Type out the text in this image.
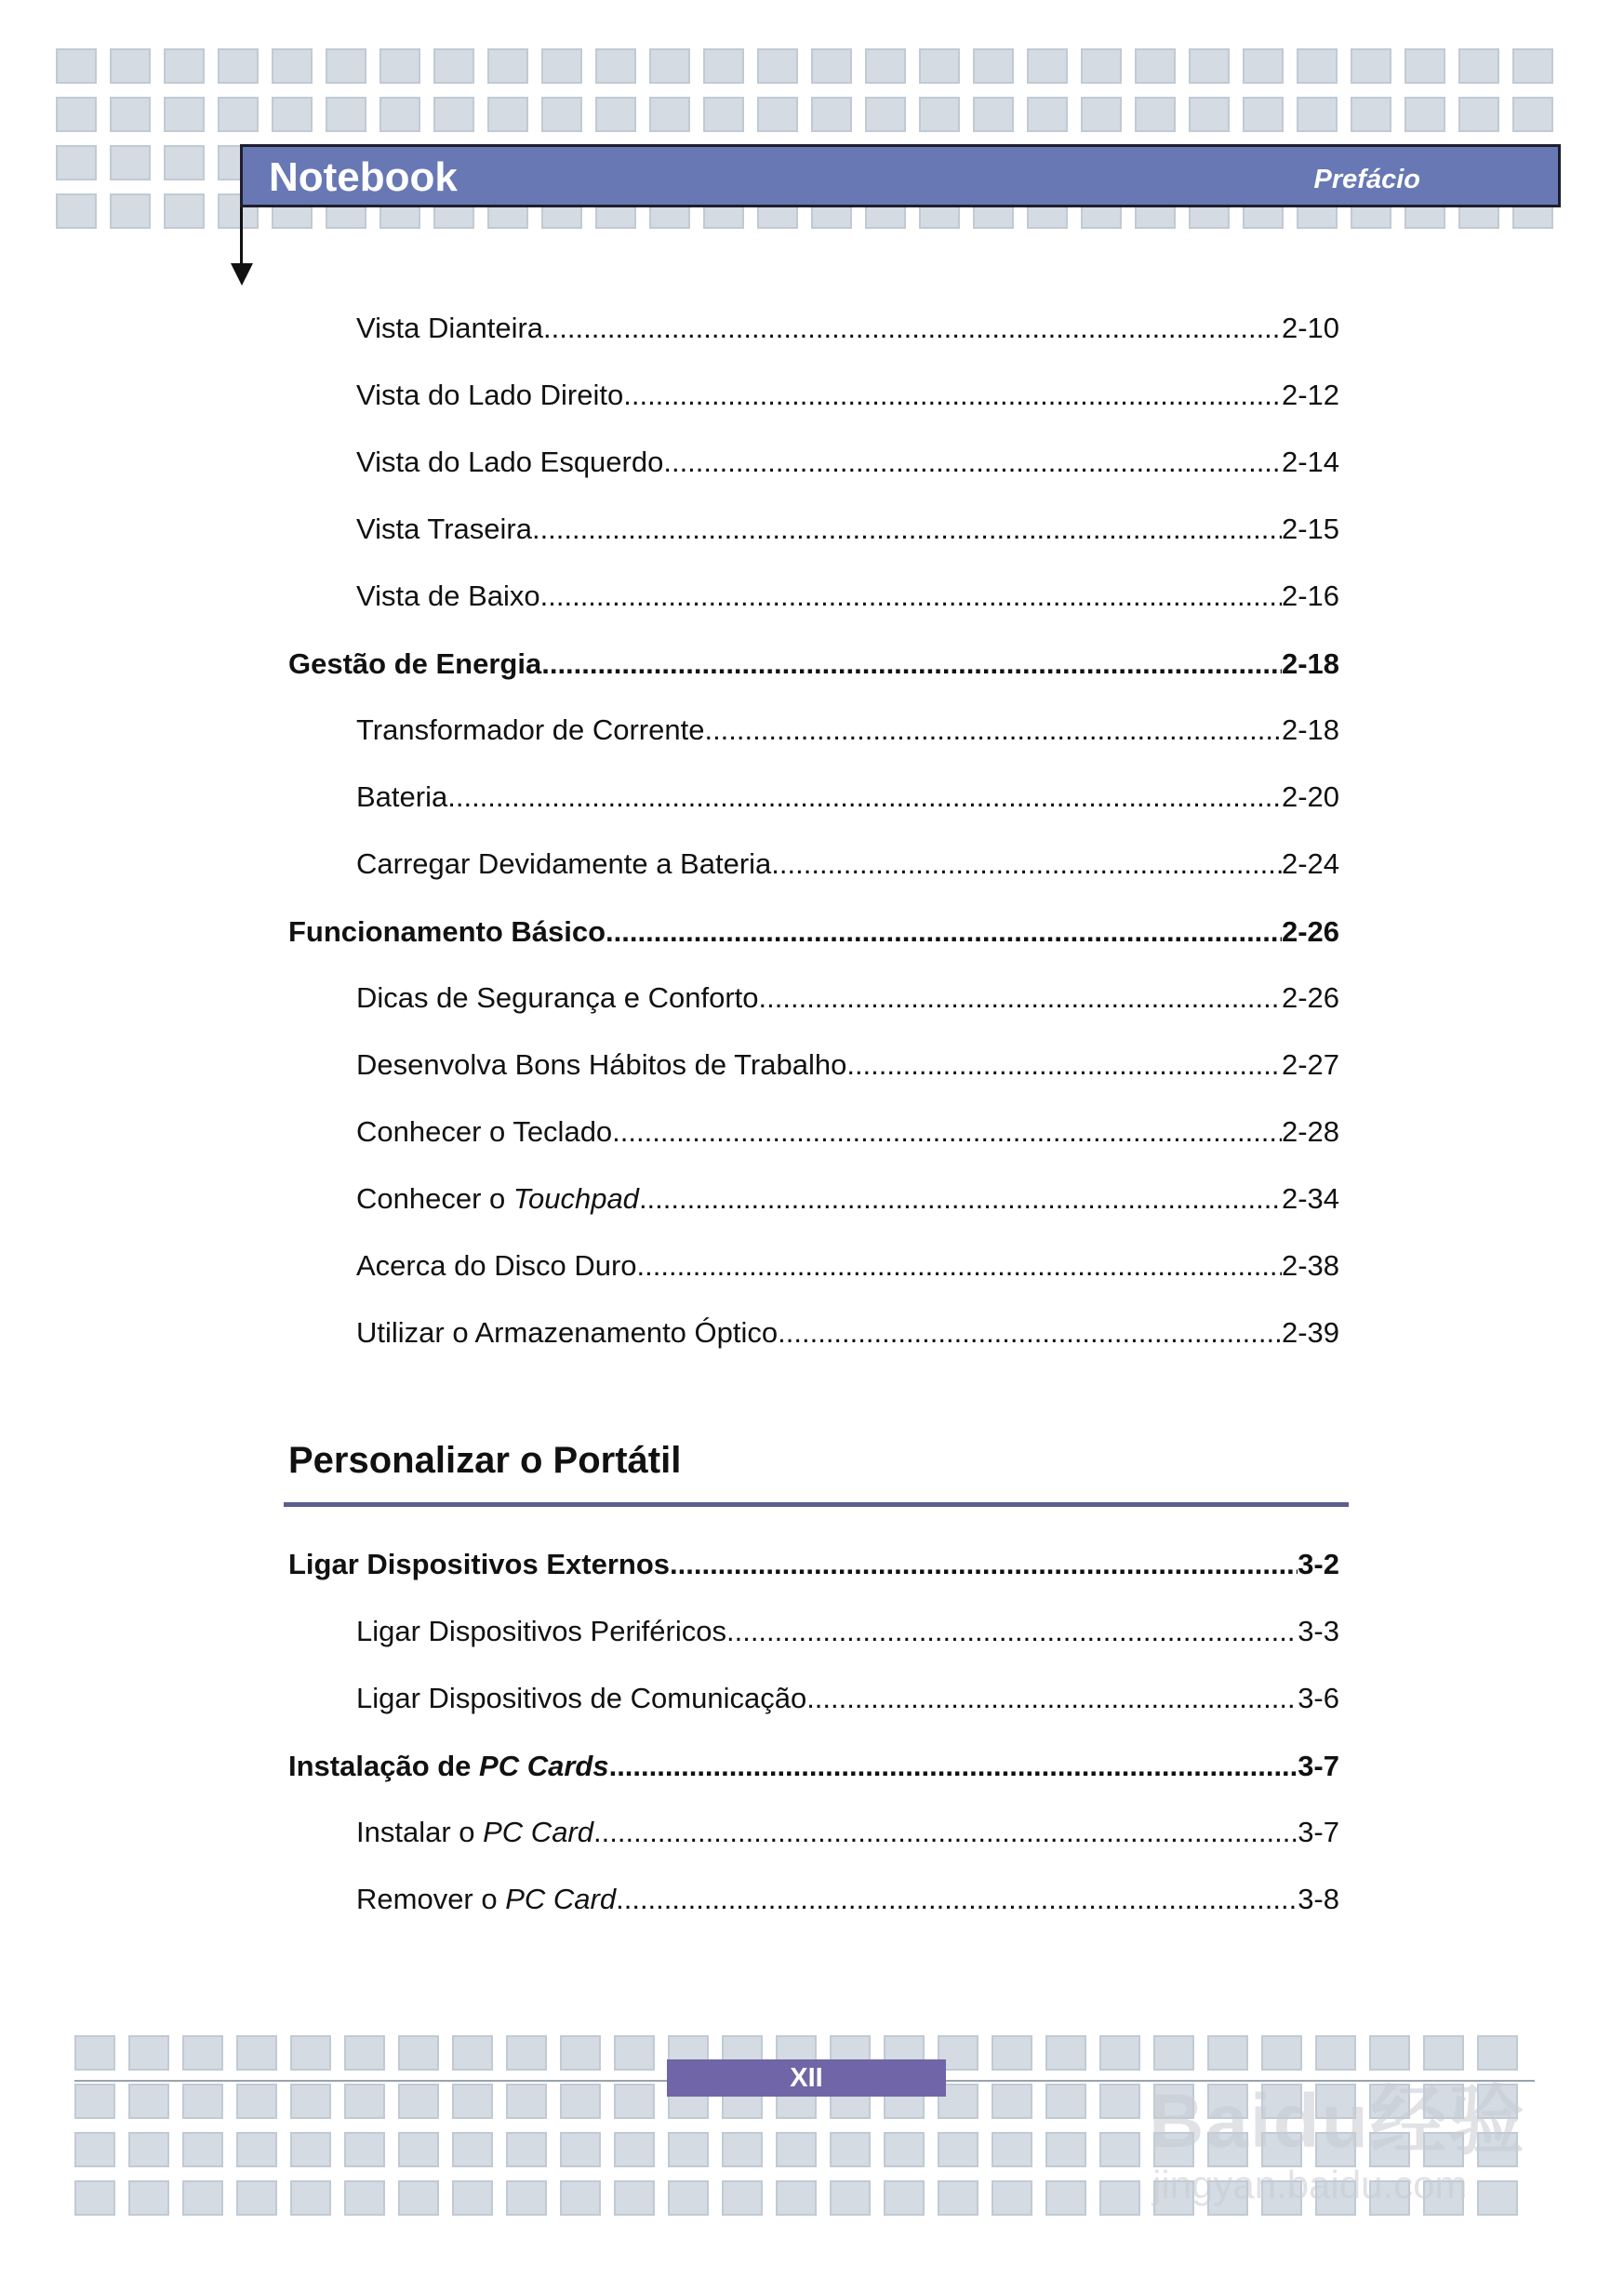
Notebook	Prefácio
Vista Dianteira .....	2-10
Vista do Lado Direito .....	2-12
Vista do Lado Esquerdo .....	2-14
Vista Traseira .....	2-15
Vista de Baixo .....	2-16
Gestão de Energia .....	2-18
Transformador de Corrente .....	2-18
Bateria .....	2-20
Carregar Devidamente a Bateria .....	2-24
Funcionamento Básico .....	2-26
Dicas de Segurança e Conforto .....	2-26
Desenvolva Bons Hábitos de Trabalho .....	2-27
Conhecer o Teclado .....	2-28
Conhecer o Touchpad .....	2-34
Acerca do Disco Duro .....	2-38
Utilizar o Armazenamento Óptico .....	2-39
Ligar Dispositivos Externos .....	3-2
Ligar Dispositivos Periféricos .....	3-3
Ligar Dispositivos de Comunicação .....	3-6
Instalação de PC Cards .....	3-7
Instalar o PC Card .....	3-7
Remover o PC Card .....	3-8
Personalizar o Portátil
XII
Baidu经验
jingyan.baidu.com
